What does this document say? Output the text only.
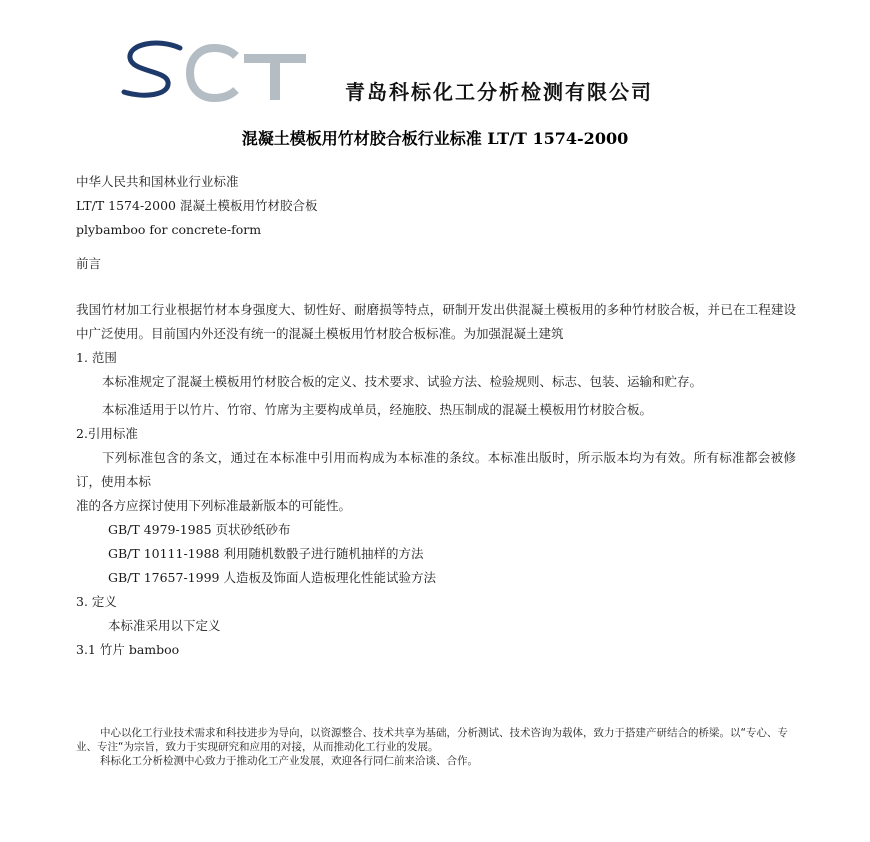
青岛科标化工分析检测有限公司
混凝土模板用竹材胶合板行业标准 LT/T 1574-2000
中华人民共和国林业行业标准
LT/T 1574-2000 混凝土模板用竹材胶合板
plybamboo for concrete-form
前言
我国竹材加工行业根据竹材本身强度大、韧性好、耐磨损等特点，研制开发出供混凝土模板用的多种竹材胶合板，并已在工程建设中广泛使用。目前国内外还没有统一的混凝土模板用竹材胶合板标准。为加强混凝土建筑
1. 范围
本标准规定了混凝土模板用竹材胶合板的定义、技术要求、试验方法、检验规则、标志、包装、运输和贮存。
本标准适用于以竹片、竹帘、竹席为主要构成单员，经施胶、热压制成的混凝土模板用竹材胶合板。
2.引用标准
下列标准包含的条文，通过在本标准中引用而构成为本标准的条纹。本标准出版时，所示版本均为有效。所有标准都会被修订，使用本标
准的各方应探讨使用下列标准最新版本的可能性。
GB/T 4979-1985 页状砂纸砂布
GB/T 10111-1988 利用随机数骰子进行随机抽样的方法
GB/T 17657-1999 人造板及饰面人造板理化性能试验方法
3. 定义
本标准采用以下定义
3.1 竹片 bamboo
中心以化工行业技术需求和科技进步为导向，以资源整合、技术共享为基础，分析测试、技术咨询为载体，致力于搭建产研结合的桥梁。以“专心、专业、专注“为宗旨，致力于实现研究和应用的对接，从而推动化工行业的发展。
科标化工分析检测中心致力于推动化工产业发展，欢迎各行同仁前来洽谈、合作。
